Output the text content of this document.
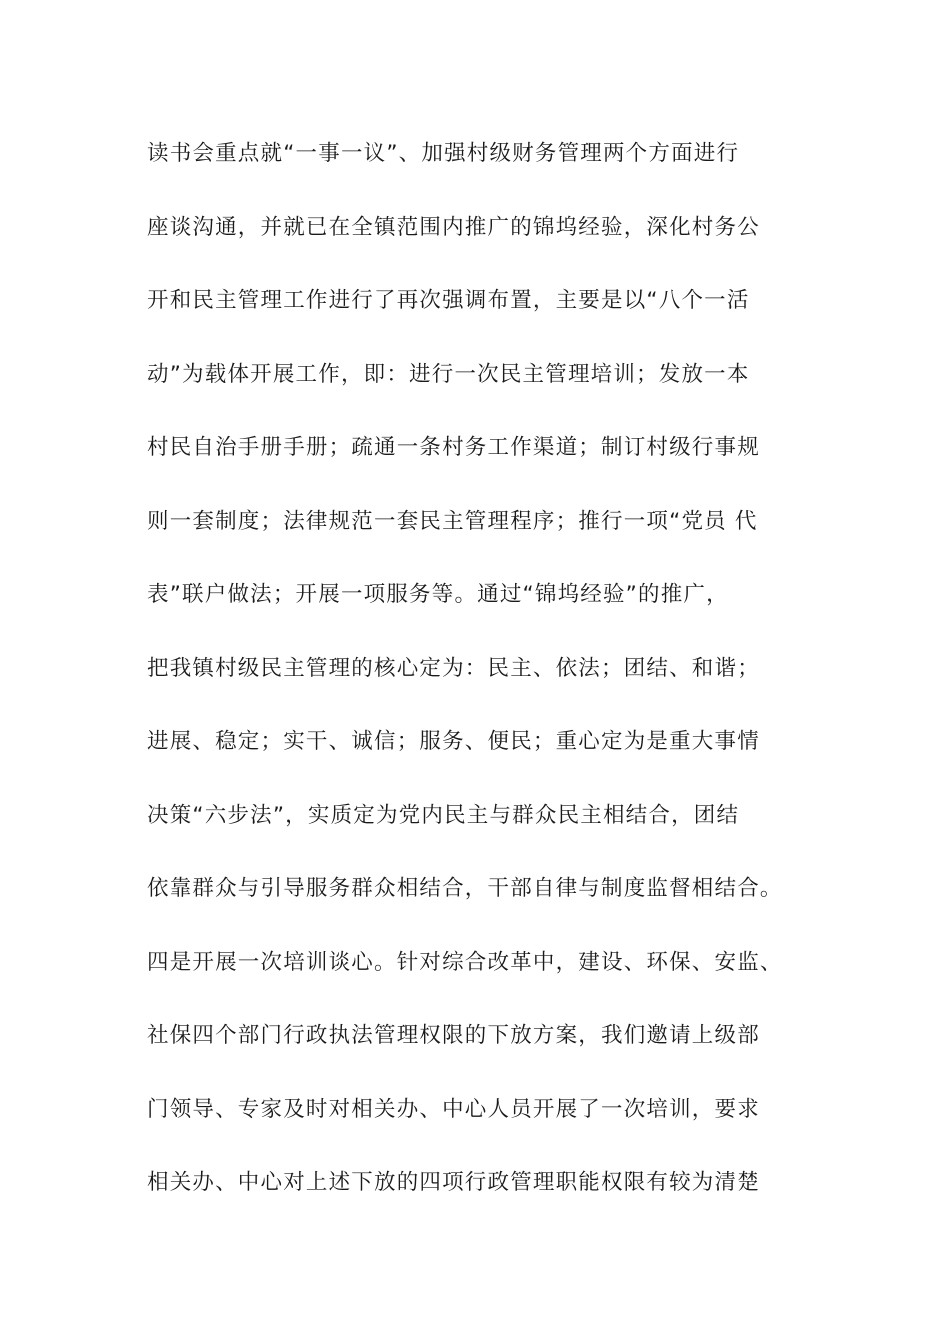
读书会重点就“一事一议”、加强村级财务管理两个方面进行
座谈沟通，并就已在全镇范围内推广的锦坞经验，深化村务公
开和民主管理工作进行了再次强调布置，主要是以“八个一活
动”为载体开展工作，即：进行一次民主管理培训；发放一本
村民自治手册手册；疏通一条村务工作渠道；制订村级行事规
则一套制度；法律规范一套民主管理程序；推行一项“党员 代
表”联户做法；开展一项服务等。通过“锦坞经验”的推广，
把我镇村级民主管理的核心定为：民主、依法；团结、和谐；
进展、稳定；实干、诚信；服务、便民；重心定为是重大事情
决策“六步法”，实质定为党内民主与群众民主相结合，团结
依靠群众与引导服务群众相结合，干部自律与制度监督相结合。
四是开展一次培训谈心。针对综合改革中，建设、环保、安监、
社保四个部门行政执法管理权限的下放方案，我们邀请上级部
门领导、专家及时对相关办、中心人员开展了一次培训，要求
相关办、中心对上述下放的四项行政管理职能权限有较为清楚
